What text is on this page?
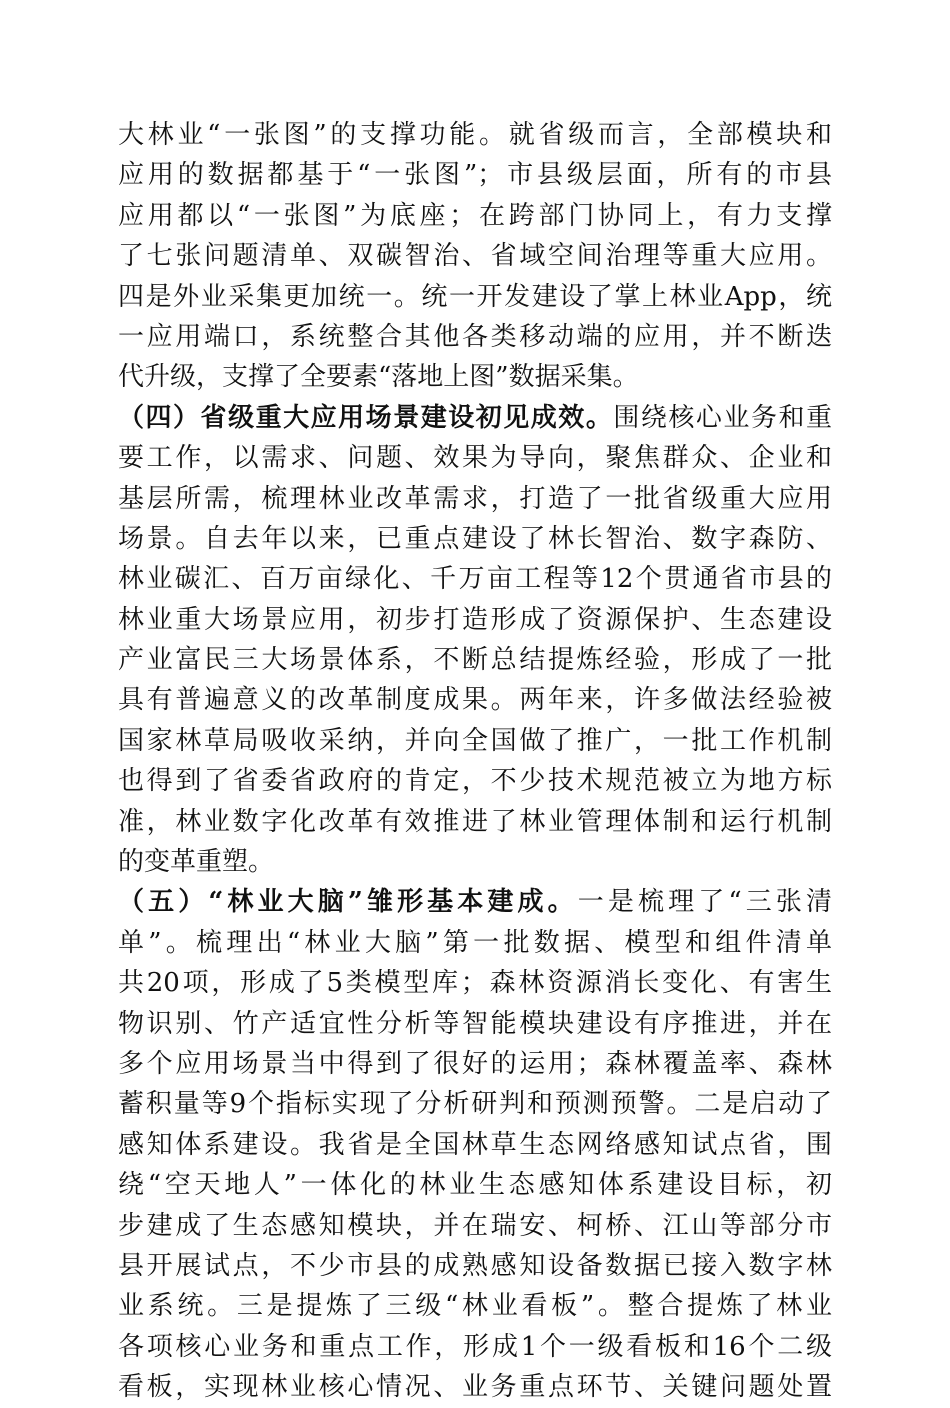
大林业“一张图”的支撑功能。就省级而言，全部模块和
应用的数据都基于“一张图”；市县级层面，所有的市县
应用都以“一张图”为底座；在跨部门协同上，有力支撑
了七张问题清单、双碳智治、省域空间治理等重大应用。
四是外业采集更加统一。统一开发建设了掌上林业App，统
一应用端口，系统整合其他各类移动端的应用，并不断迭
代升级，支撑了全要素“落地上图”数据采集。
（四）省级重大应用场景建设初见成效。围绕核心业务和重
要工作，以需求、问题、效果为导向，聚焦群众、企业和
基层所需，梳理林业改革需求，打造了一批省级重大应用
场景。自去年以来，已重点建设了林长智治、数字森防、
林业碳汇、百万亩绿化、千万亩工程等12个贯通省市县的
林业重大场景应用，初步打造形成了资源保护、生态建设
产业富民三大场景体系，不断总结提炼经验，形成了一批
具有普遍意义的改革制度成果。两年来，许多做法经验被
国家林草局吸收采纳，并向全国做了推广，一批工作机制
也得到了省委省政府的肯定，不少技术规范被立为地方标
准，林业数字化改革有效推进了林业管理体制和运行机制
的变革重塑。
（五）“林业大脑”雏形基本建成。一是梳理了“三张清
单”。梳理出“林业大脑”第一批数据、模型和组件清单
共20项，形成了5类模型库；森林资源消长变化、有害生
物识别、竹产适宜性分析等智能模块建设有序推进，并在
多个应用场景当中得到了很好的运用；森林覆盖率、森林
蓄积量等9个指标实现了分析研判和预测预警。二是启动了
感知体系建设。我省是全国林草生态网络感知试点省，围
绕“空天地人”一体化的林业生态感知体系建设目标，初
步建成了生态感知模块，并在瑞安、柯桥、江山等部分市
县开展试点，不少市县的成熟感知设备数据已接入数字林
业系统。三是提炼了三级“林业看板”。整合提炼了林业
各项核心业务和重点工作，形成1个一级看板和16个二级
看板，实现林业核心情况、业务重点环节、关键问题处置
